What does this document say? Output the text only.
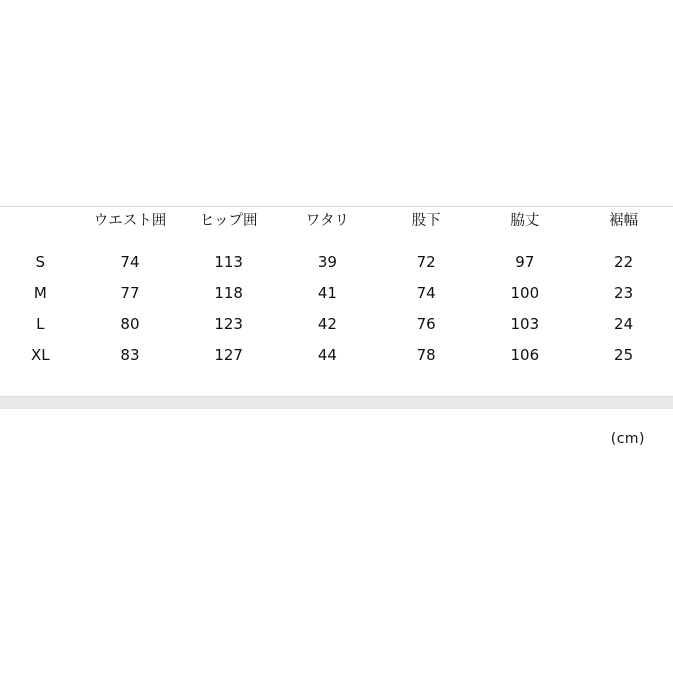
	ウエスト囲	ヒップ囲	ワタリ	股下	脇丈	裾幅
S	74	113	39	72	97	22
M	77	118	41	74	100	23
L	80	123	42	76	103	24
XL	83	127	44	78	106	25
(cm)
